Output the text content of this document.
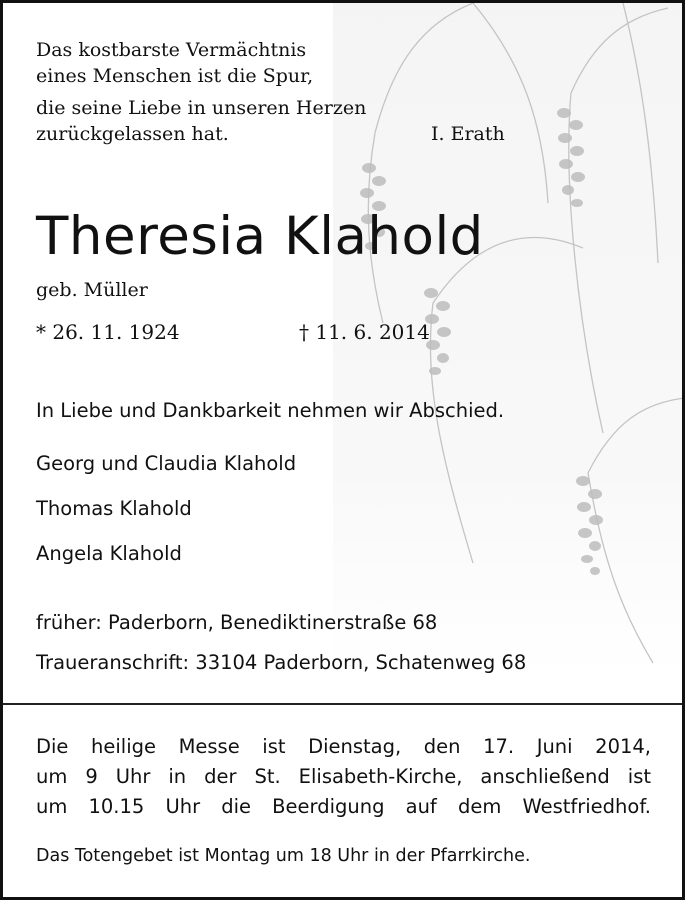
Das kostbarste Vermächtnis

eines Menschen ist die Spur,

die seine Liebe in unseren Herzen

zurückgelassen hat.	I. Erath

Theresia Klahold

geb. Müller

* 26. 11. 1924	† 11. 6. 2014

In Liebe und Dankbarkeit nehmen wir Abschied.

Georg und Claudia Klahold

Thomas Klahold

Angela Klahold

früher: Paderborn, Benediktinerstraße 68

Traueranschrift: 33104 Paderborn, Schatenweg 68

Die heilige Messe ist Dienstag, den 17. Juni 2014,

um 9 Uhr in der St. Elisabeth-Kirche, anschließend ist

um 10.15 Uhr die Beerdigung auf dem Westfriedhof.

Das Totengebet ist Montag um 18 Uhr in der Pfarrkirche.
